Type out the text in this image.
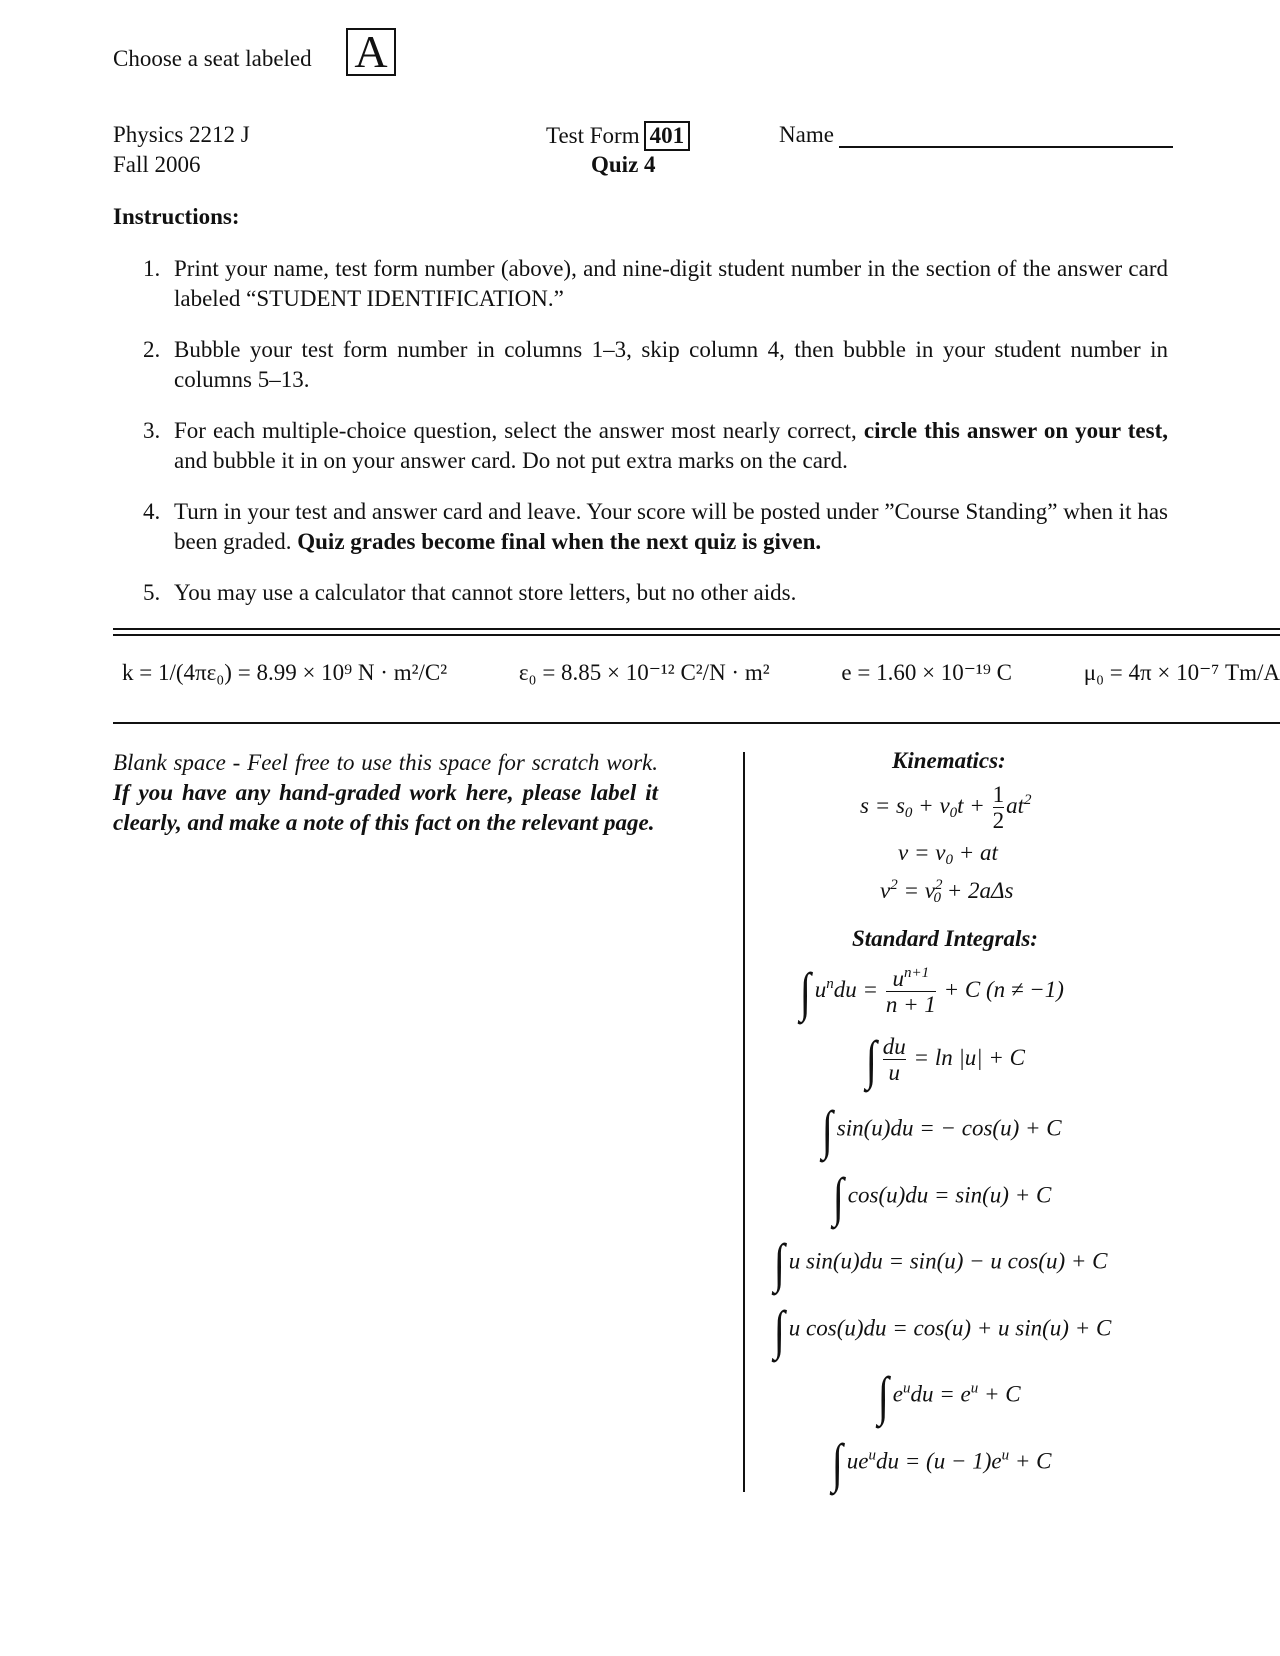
Choose a seat labeled A
Physics 2212 J
Fall 2006
Test Form 401
Quiz 4
Name
Instructions:
1. Print your name, test form number (above), and nine-digit student number in the section of the answer card labeled “STUDENT IDENTIFICATION.”
2. Bubble your test form number in columns 1–3, skip column 4, then bubble in your student number in columns 5–13.
3. For each multiple-choice question, select the answer most nearly correct, circle this answer on your test, and bubble it in on your answer card. Do not put extra marks on the card.
4. Turn in your test and answer card and leave. Your score will be posted under ”Course Standing” when it has been graded. Quiz grades become final when the next quiz is given.
5. You may use a calculator that cannot store letters, but no other aids.
k = 1/(4πε₀) = 8.99 × 10⁹ N · m²/C²	ε₀ = 8.85 × 10⁻¹² C²/N · m²	e = 1.60 × 10⁻¹⁹ C	μ₀ = 4π × 10⁻⁷ Tm/A
Blank space - Feel free to use this space for scratch work. If you have any hand-graded work here, please label it clearly, and make a note of this fact on the relevant page.
Kinematics:
$s = s_0 + v_0t + \frac{1}{2} at^2$
$v = v_0$ + at
$v^2 = v^2_0 + 2a\Delta s$
Standard Integrals:
∫ $u^ndu = \frac{u^{n+1}}{n + 1} + C$ (n ≠ −1)
∫ $\frac{du}{u} = \ln |u| + C$
∫ sin(u)du = − cos(u) + C
∫ cos(u)du = sin(u) + C
∫ u sin(u)du = sin(u) − u cos(u) + C
∫ u cos(u)du = cos(u) + u sin(u) + C
∫ $e^udu = e^u + C$
∫ $ue^udu = (u - 1)e^u + C$
